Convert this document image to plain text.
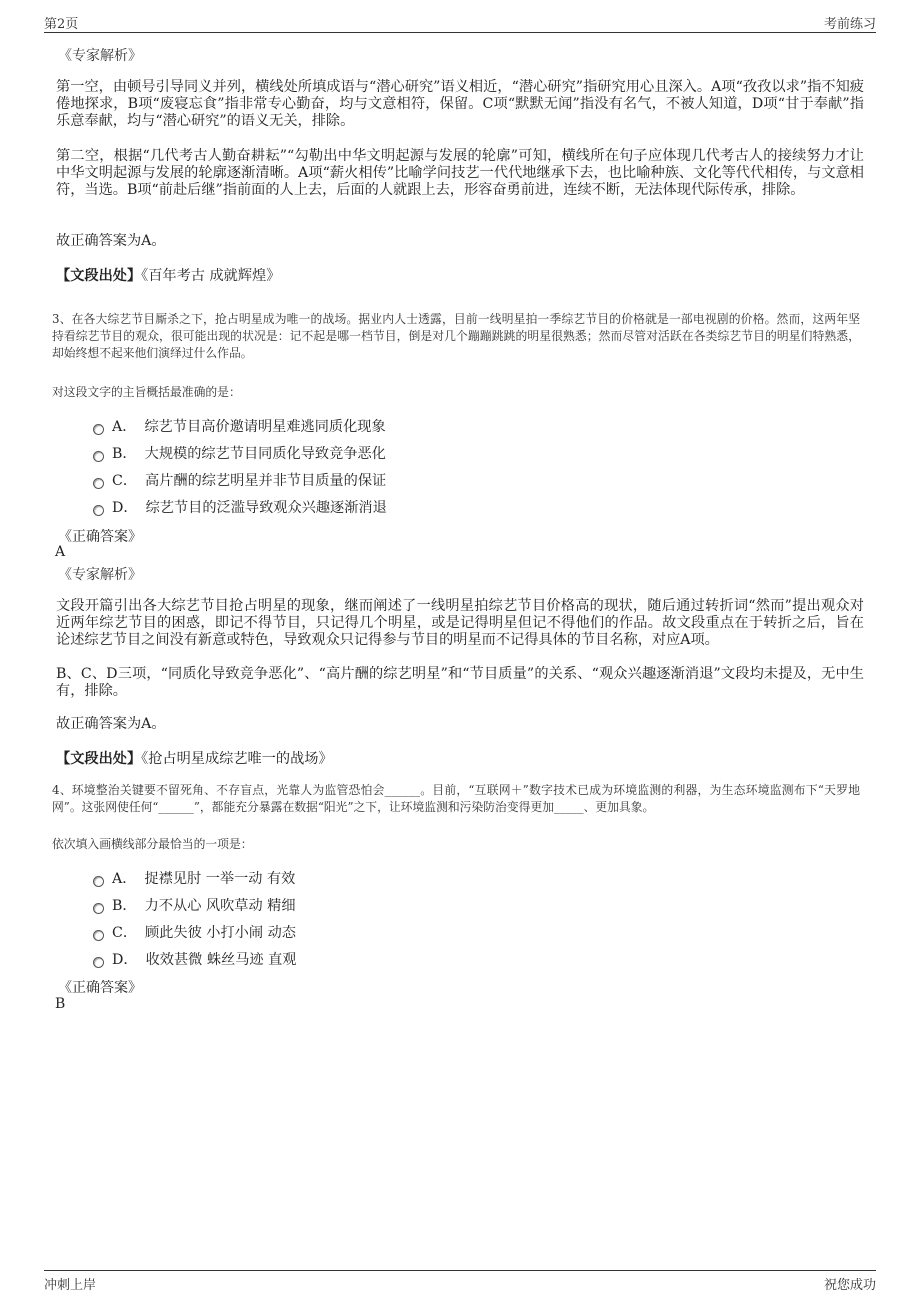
第2页	考前练习
《专家解析》
第一空，由顿号引导同义并列，横线处所填成语与“潜心研究”语义相近，“潜心研究”指研究用心且深入。A项“孜孜以求”指不知疲倦地探求，B项“废寝忘食”指非常专心勤奋，均与文意相符，保留。C项“默默无闻”指没有名气，不被人知道，D项“甘于奉献”指乐意奉献，均与“潜心研究”的语义无关，排除。
第二空，根据“几代考古人勤奋耕耘”“勾勒出中华文明起源与发展的轮廓”可知，横线所在句子应体现几代考古人的接续努力才让中华文明起源与发展的轮廓逐渐清晰。A项“薪火相传”比喻学问技艺一代代地继承下去，也比喻种族、文化等代代相传，与文意相符，当选。B项“前赴后继”指前面的人上去，后面的人就跟上去，形容奋勇前进，连续不断，无法体现代际传承，排除。
故正确答案为A。
【文段出处】《百年考古 成就辉煌》
3、在各大综艺节目厮杀之下，抢占明星成为唯一的战场。据业内人士透露，目前一线明星拍一季综艺节目的价格就是一部电视剧的价格。然而，这两年坚持看综艺节目的观众，很可能出现的状况是：记不起是哪一档节目，倒是对几个蹦蹦跳跳的明星很熟悉；然而尽管对活跃在各类综艺节目的明星们特熟悉，却始终想不起来他们演绎过什么作品。
对这段文字的主旨概括最准确的是：
A． 综艺节目高价邀请明星难逃同质化现象
B． 大规模的综艺节目同质化导致竞争恶化
C． 高片酬的综艺明星并非节目质量的保证
D． 综艺节目的泛滥导致观众兴趣逐渐消退
《正确答案》
A
《专家解析》
文段开篇引出各大综艺节目抢占明星的现象，继而阐述了一线明星拍综艺节目价格高的现状，随后通过转折词“然而”提出观众对近两年综艺节目的困惑，即记不得节目，只记得几个明星，或是记得明星但记不得他们的作品。故文段重点在于转折之后，旨在论述综艺节目之间没有新意或特色，导致观众只记得参与节目的明星而不记得具体的节目名称，对应A项。
B、C、D三项，“同质化导致竞争恶化”、“高片酬的综艺明星”和“节目质量”的关系、“观众兴趣逐渐消退”文段均未提及，无中生有，排除。
故正确答案为A。
【文段出处】《抢占明星成综艺唯一的战场》
4、环境整治关键要不留死角、不存盲点，光靠人为监管恐怕会______。目前，“互联网＋”数字技术已成为环境监测的利器，为生态环境监测布下“天罗地网”。这张网使任何“______”，都能充分暴露在数据“阳光”之下，让环境监测和污染防治变得更加_____、更加具象。
依次填入画横线部分最恰当的一项是：
A． 捉襟见肘 一举一动 有效
B． 力不从心 风吹草动 精细
C． 顾此失彼 小打小闹 动态
D． 收效甚微 蛛丝马迹 直观
《正确答案》
B
冲刺上岸	祝您成功
